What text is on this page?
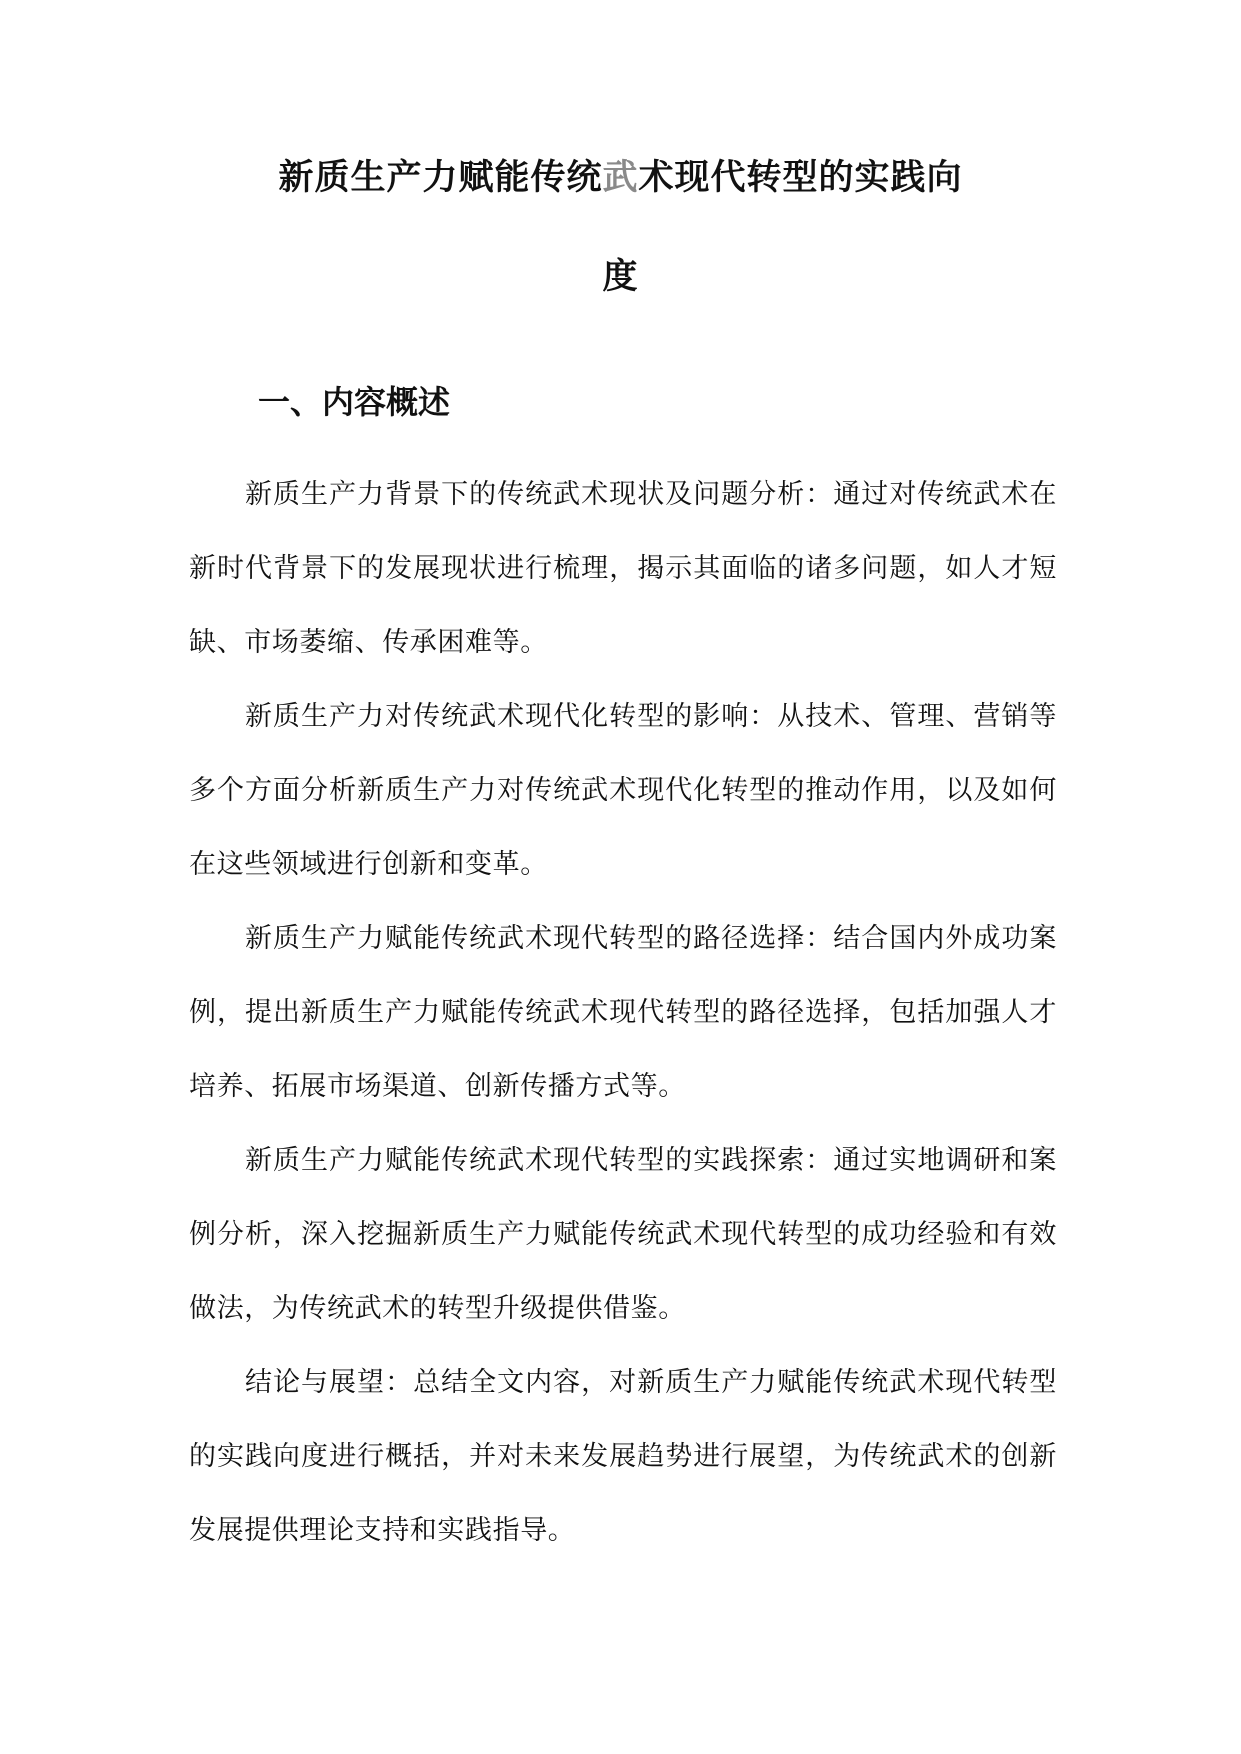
新质生产力赋能传统武术现代转型的实践向
度
一、内容概述

新质生产力背景下的传统武术现状及问题分析：通过对传统武术在新时代背景下的发展现状进行梳理，揭示其面临的诸多问题，如人才短缺、市场萎缩、传承困难等。

新质生产力对传统武术现代化转型的影响：从技术、管理、营销等多个方面分析新质生产力对传统武术现代化转型的推动作用，以及如何在这些领域进行创新和变革。

新质生产力赋能传统武术现代转型的路径选择：结合国内外成功案例，提出新质生产力赋能传统武术现代转型的路径选择，包括加强人才培养、拓展市场渠道、创新传播方式等。

新质生产力赋能传统武术现代转型的实践探索：通过实地调研和案例分析，深入挖掘新质生产力赋能传统武术现代转型的成功经验和有效做法，为传统武术的转型升级提供借鉴。

结论与展望：总结全文内容，对新质生产力赋能传统武术现代转型的实践向度进行概括，并对未来发展趋势进行展望，为传统武术的创新发展提供理论支持和实践指导。
